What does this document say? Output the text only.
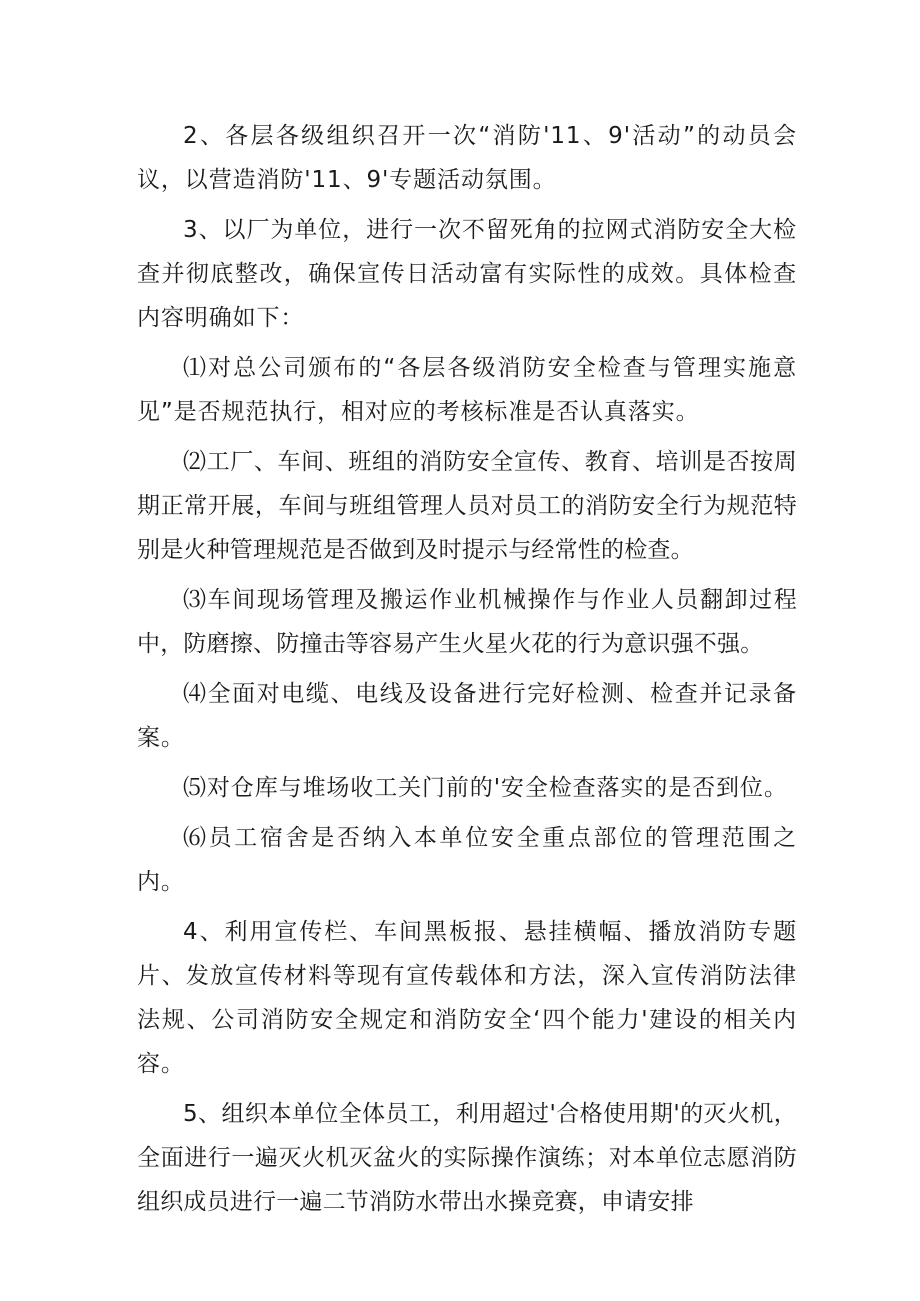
2、各层各级组织召开一次“消防'11、9'活动”的动员会议，以营造消防'11、9'专题活动氛围。

3、以厂为单位，进行一次不留死角的拉网式消防安全大检查并彻底整改，确保宣传日活动富有实际性的成效。具体检查内容明确如下：

⑴对总公司颁布的“各层各级消防安全检查与管理实施意见”是否规范执行，相对应的考核标准是否认真落实。

⑵工厂、车间、班组的消防安全宣传、教育、培训是否按周期正常开展，车间与班组管理人员对员工的消防安全行为规范特别是火种管理规范是否做到及时提示与经常性的检查。

⑶车间现场管理及搬运作业机械操作与作业人员翻卸过程中，防磨擦、防撞击等容易产生火星火花的行为意识强不强。

⑷全面对电缆、电线及设备进行完好检测、检查并记录备案。

⑸对仓库与堆场收工关门前的'安全检查落实的是否到位。

⑹员工宿舍是否纳入本单位安全重点部位的管理范围之内。

4、利用宣传栏、车间黑板报、悬挂横幅、播放消防专题片、发放宣传材料等现有宣传载体和方法，深入宣传消防法律法规、公司消防安全规定和消防安全‘四个能力'建设的相关内容。

5、组织本单位全体员工，利用超过'合格使用期'的灭火机，全面进行一遍灭火机灭盆火的实际操作演练；对本单位志愿消防组织成员进行一遍二节消防水带出水操竞赛，申请安排
